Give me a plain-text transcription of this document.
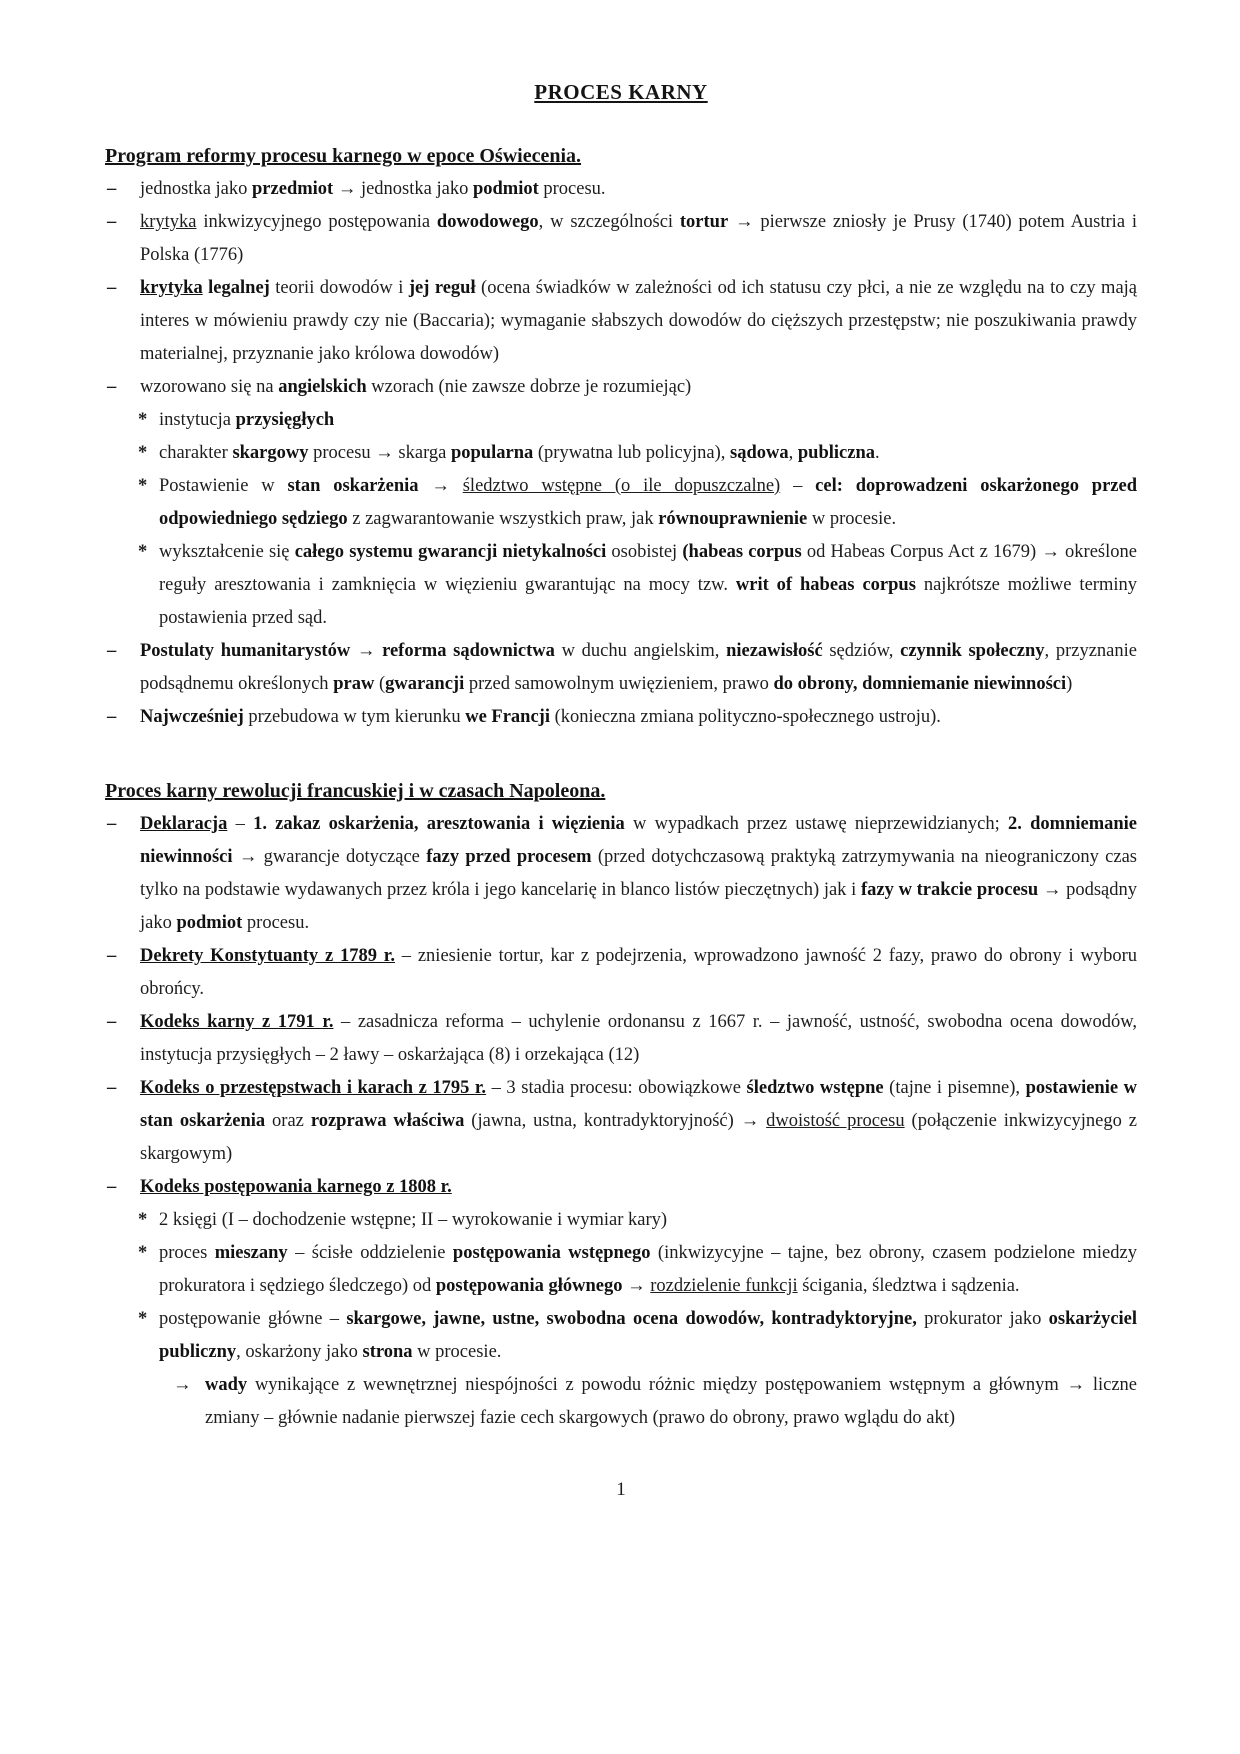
PROCES KARNY
Program reformy procesu karnego w epoce Oświecenia.
– jednostka jako przedmiot → jednostka jako podmiot procesu.
– krytyka inkwizycyjnego postępowania dowodowego, w szczególności tortur → pierwsze zniosły je Prusy (1740) potem Austria i Polska (1776)
– krytyka legalnej teorii dowodów i jej reguł (ocena świadków w zależności od ich statusu czy płci, a nie ze względu na to czy mają interes w mówieniu prawdy czy nie (Baccaria); wymaganie słabszych dowodów do cięższych przestępstw; nie poszukiwania prawdy materialnej, przyznanie jako królowa dowodów)
– wzorowano się na angielskich wzorach (nie zawsze dobrze je rozumiejąc)
* instytucja przysięgłych
* charakter skargowy procesu → skarga popularna (prywatna lub policyjna), sądowa, publiczna.
* Postawienie w stan oskarżenia → śledztwo wstępne (o ile dopuszczalne) – cel: doprowadzeni oskarżonego przed odpowiedniego sędziego z zagwarantowanie wszystkich praw, jak równouprawnienie w procesie.
* wykształcenie się całego systemu gwarancji nietykalności osobistej (habeas corpus od Habeas Corpus Act z 1679) → określone reguły aresztowania i zamknięcia w więzieniu gwarantując na mocy tzw. writ of habeas corpus najkrótsze możliwe terminy postawienia przed sąd.
– Postulaty humanitarystów → reforma sądownictwa w duchu angielskim, niezawisłość sędziów, czynnik społeczny, przyznanie podsądnemu określonych praw (gwarancji przed samowolnym uwięzieniem, prawo do obrony, domniemanie niewinności)
– Najwcześniej przebudowa w tym kierunku we Francji (konieczna zmiana polityczno-społecznego ustroju).
Proces karny rewolucji francuskiej i w czasach Napoleona.
– Deklaracja – 1. zakaz oskarżenia, aresztowania i więzienia w wypadkach przez ustawę nieprzewidzianych; 2. domniemanie niewinności → gwarancje dotyczące fazy przed procesem (przed dotychczasową praktyką zatrzymywania na nieograniczony czas tylko na podstawie wydawanych przez króla i jego kancelarię in blanco listów pieczętnych) jak i fazy w trakcie procesu → podsądny jako podmiot procesu.
– Dekrety Konstytuanty z 1789 r. – zniesienie tortur, kar z podejrzenia, wprowadzono jawność 2 fazy, prawo do obrony i wyboru obrońcy.
– Kodeks karny z 1791 r. – zasadnicza reforma – uchylenie ordonansu z 1667 r. – jawność, ustność, swobodna ocena dowodów, instytucja przysięgłych – 2 ławy – oskarżająca (8) i orzekająca (12)
– Kodeks o przestępstwach i karach z 1795 r. – 3 stadia procesu: obowiązkowe śledztwo wstępne (tajne i pisemne), postawienie w stan oskarżenia oraz rozprawa właściwa (jawna, ustna, kontradyktoryjność) → dwoistość procesu (połączenie inkwizycyjnego z skargowym)
– Kodeks postępowania karnego z 1808 r.
* 2 księgi (I – dochodzenie wstępne; II – wyrokowanie i wymiar kary)
* proces mieszany – ścisłe oddzielenie postępowania wstępnego (inkwizycyjne – tajne, bez obrony, czasem podzielone miedzy prokuratora i sędziego śledczego) od postępowania głównego → rozdzielenie funkcji ścigania, śledztwa i sądzenia.
* postępowanie główne – skargowe, jawne, ustne, swobodna ocena dowodów, kontradyktoryjne, prokurator jako oskarżyciel publiczny, oskarżony jako strona w procesie.
→ wady wynikające z wewnętrznej niespójności z powodu różnic między postępowaniem wstępnym a głównym → liczne zmiany – głównie nadanie pierwszej fazie cech skargowych (prawo do obrony, prawo wglądu do akt)
1
